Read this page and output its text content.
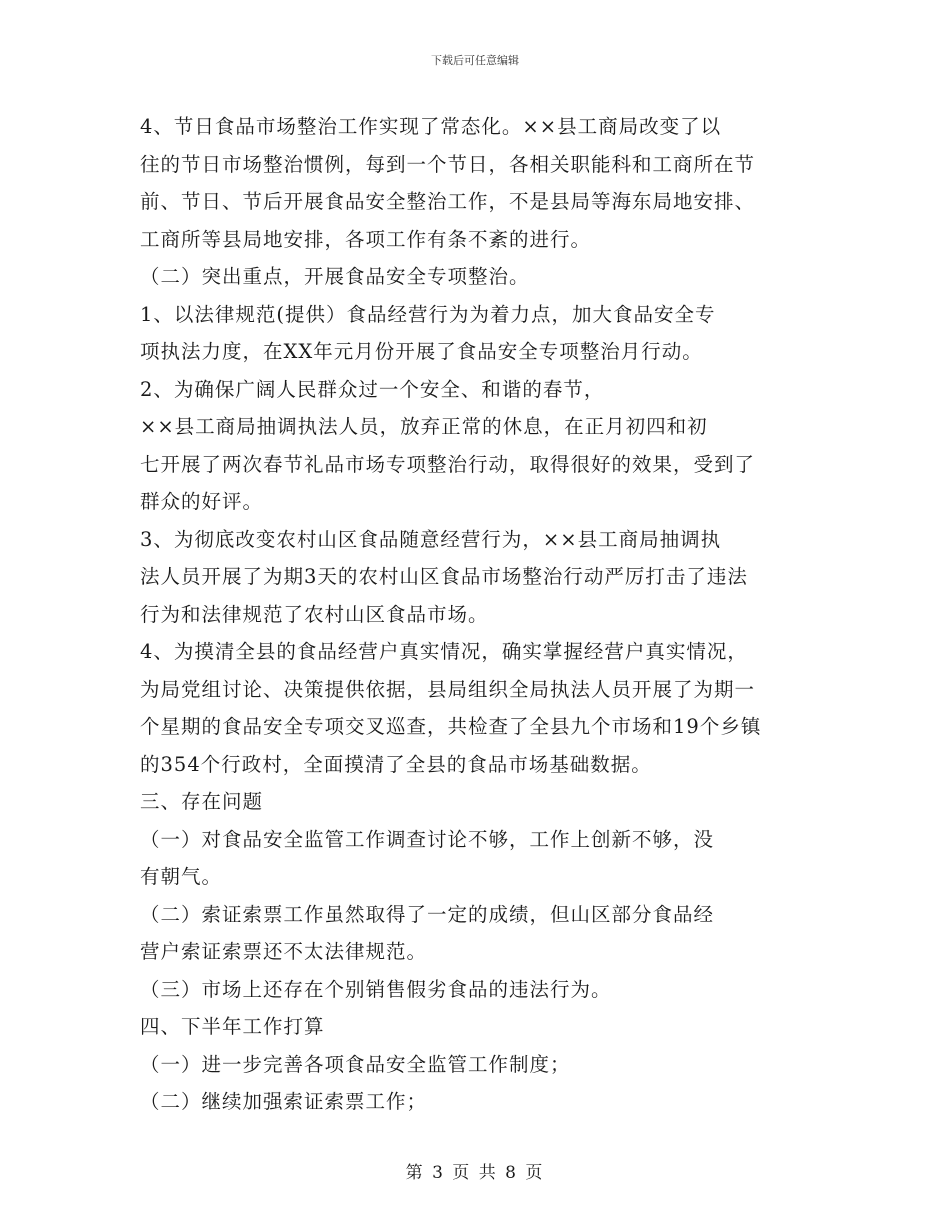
下载后可任意编辑

4、节日食品市场整治工作实现了常态化。××县工商局改变了以

往的节日市场整治惯例，每到一个节日，各相关职能科和工商所在节

前、节日、节后开展食品安全整治工作，不是县局等海东局地安排、

工商所等县局地安排，各项工作有条不紊的进行。

（二）突出重点，开展食品安全专项整治。

1、以法律规范(提供）食品经营行为为着力点，加大食品安全专

项执法力度，在XX年元月份开展了食品安全专项整治月行动。

2、为确保广阔人民群众过一个安全、和谐的春节，

××县工商局抽调执法人员，放弃正常的休息，在正月初四和初

七开展了两次春节礼品市场专项整治行动，取得很好的效果，受到了

群众的好评。

3、为彻底改变农村山区食品随意经营行为，××县工商局抽调执

法人员开展了为期3天的农村山区食品市场整治行动严厉打击了违法

行为和法律规范了农村山区食品市场。

4、为摸清全县的食品经营户真实情况，确实掌握经营户真实情况，

为局党组讨论、决策提供依据，县局组织全局执法人员开展了为期一

个星期的食品安全专项交叉巡查，共检查了全县九个市场和19个乡镇

的354个行政村，全面摸清了全县的食品市场基础数据。

三、存在问题

（一）对食品安全监管工作调查讨论不够，工作上创新不够，没

有朝气。

（二）索证索票工作虽然取得了一定的成绩，但山区部分食品经

营户索证索票还不太法律规范。

（三）市场上还存在个别销售假劣食品的违法行为。

四、下半年工作打算

（一）进一步完善各项食品安全监管工作制度；

（二）继续加强索证索票工作；

第 3 页 共 8 页
